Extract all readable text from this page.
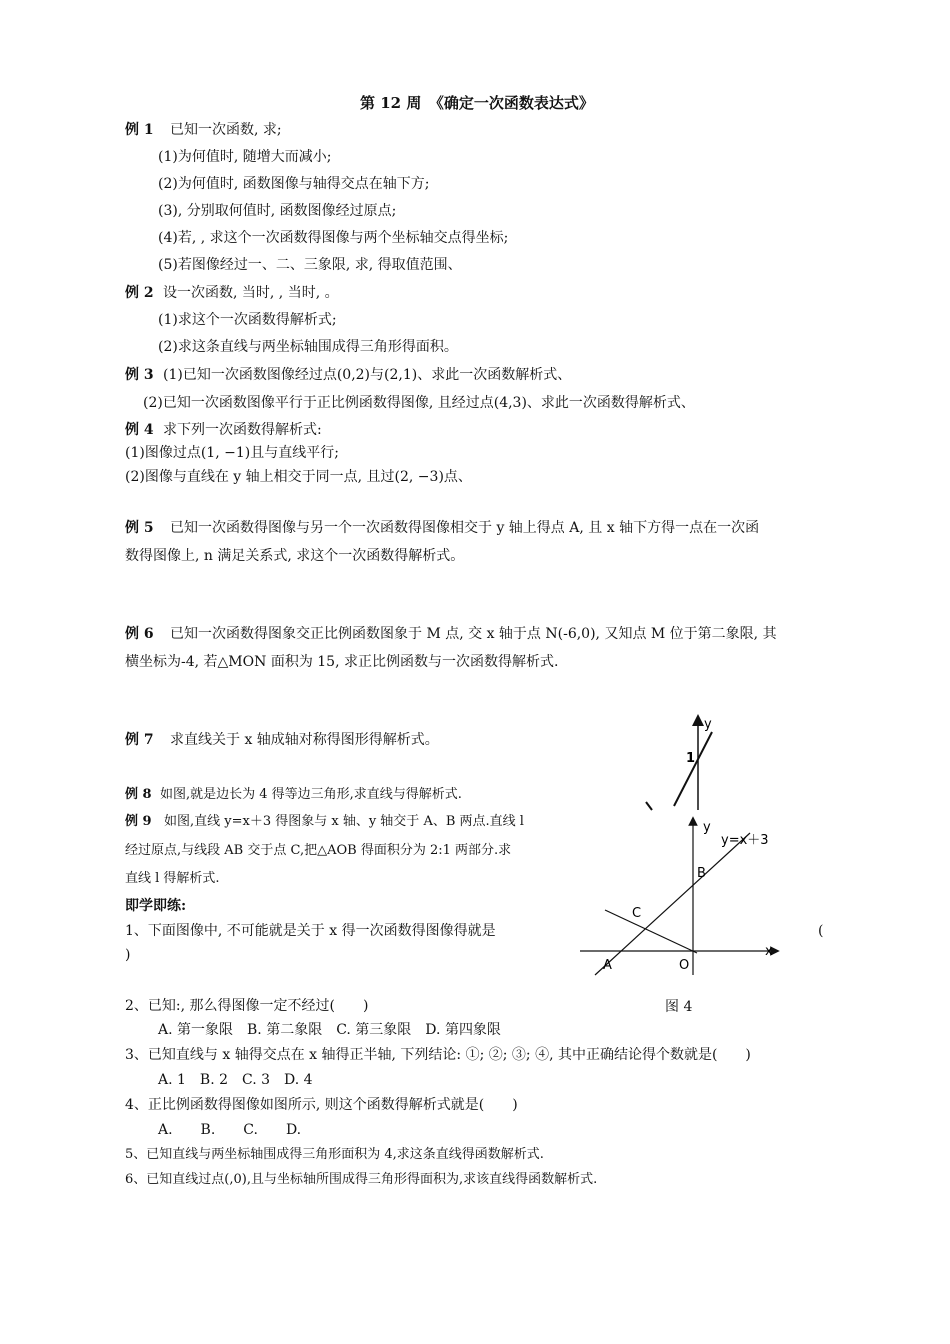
第 12 周　《确定一次函数表达式》
例 1 已知一次函数, 求;
(1)为何值时, 随增大而减小;
(2)为何值时, 函数图像与轴得交点在轴下方;
(3), 分别取何值时, 函数图像经过原点;
(4)若, , 求这个一次函数得图像与两个坐标轴交点得坐标;
(5)若图像经过一、二、三象限, 求, 得取值范围、
例 2 设一次函数, 当时, , 当时, 。
(1)求这个一次函数得解析式;
(2)求这条直线与两坐标轴围成得三角形得面积。
例 3 (1)已知一次函数图像经过点(0,2)与(2,1)、求此一次函数解析式、
(2)已知一次函数图像平行于正比例函数得图像, 且经过点(4,3)、求此一次函数得解析式、
例 4 求下列一次函数得解析式:
(1)图像过点(1, −1)且与直线平行;
(2)图像与直线在 y 轴上相交于同一点, 且过(2, −3)点、
例 5 已知一次函数得图像与另一个一次函数得图像相交于 y 轴上得点 A, 且 x 轴下方得一点在一次函
数得图像上, n 满足关系式, 求这个一次函数得解析式。
例 6 已知一次函数得图象交正比例函数图象于 M 点, 交 x 轴于点 N(-6,0), 又知点 M 位于第二象限, 其
横坐标为-4, 若△MON 面积为 15, 求正比例函数与一次函数得解析式.
例 7 求直线关于 x 轴成轴对称得图形得解析式。
例 8 如图,就是边长为 4 得等边三角形,求直线与得解析式.
例 9 如图,直线 y=x＋3 得图象与 x 轴、y 轴交于 A、B 两点.直线 l
经过原点,与线段 AB 交于点 C,把△AOB 得面积分为 2:1 两部分.求
直线 l 得解析式.
即学即练:
1、下面图像中, 不可能就是关于 x 得一次函数得图像得就是	(
)
2、已知:, 那么得图像一定不经过(　　)
A. 第一象限　B. 第二象限　C. 第三象限　D. 第四象限
3、已知直线与 x 轴得交点在 x 轴得正半轴, 下列结论: ①; ②; ③; ④, 其中正确结论得个数就是(　　)
A. 1　B. 2　C. 3　D. 4
4、正比例函数得图像如图所示, 则这个函数得解析式就是(　　)
A.　　B.　　C.　　D.
5、已知直线与两坐标轴围成得三角形面积为 4,求这条直线得函数解析式.
6、已知直线过点(,0),且与坐标轴所围成得三角形得面积为,求该直线得函数解析式.
y
1
y
y=x＋3
B
C
A	O
x
图 4
